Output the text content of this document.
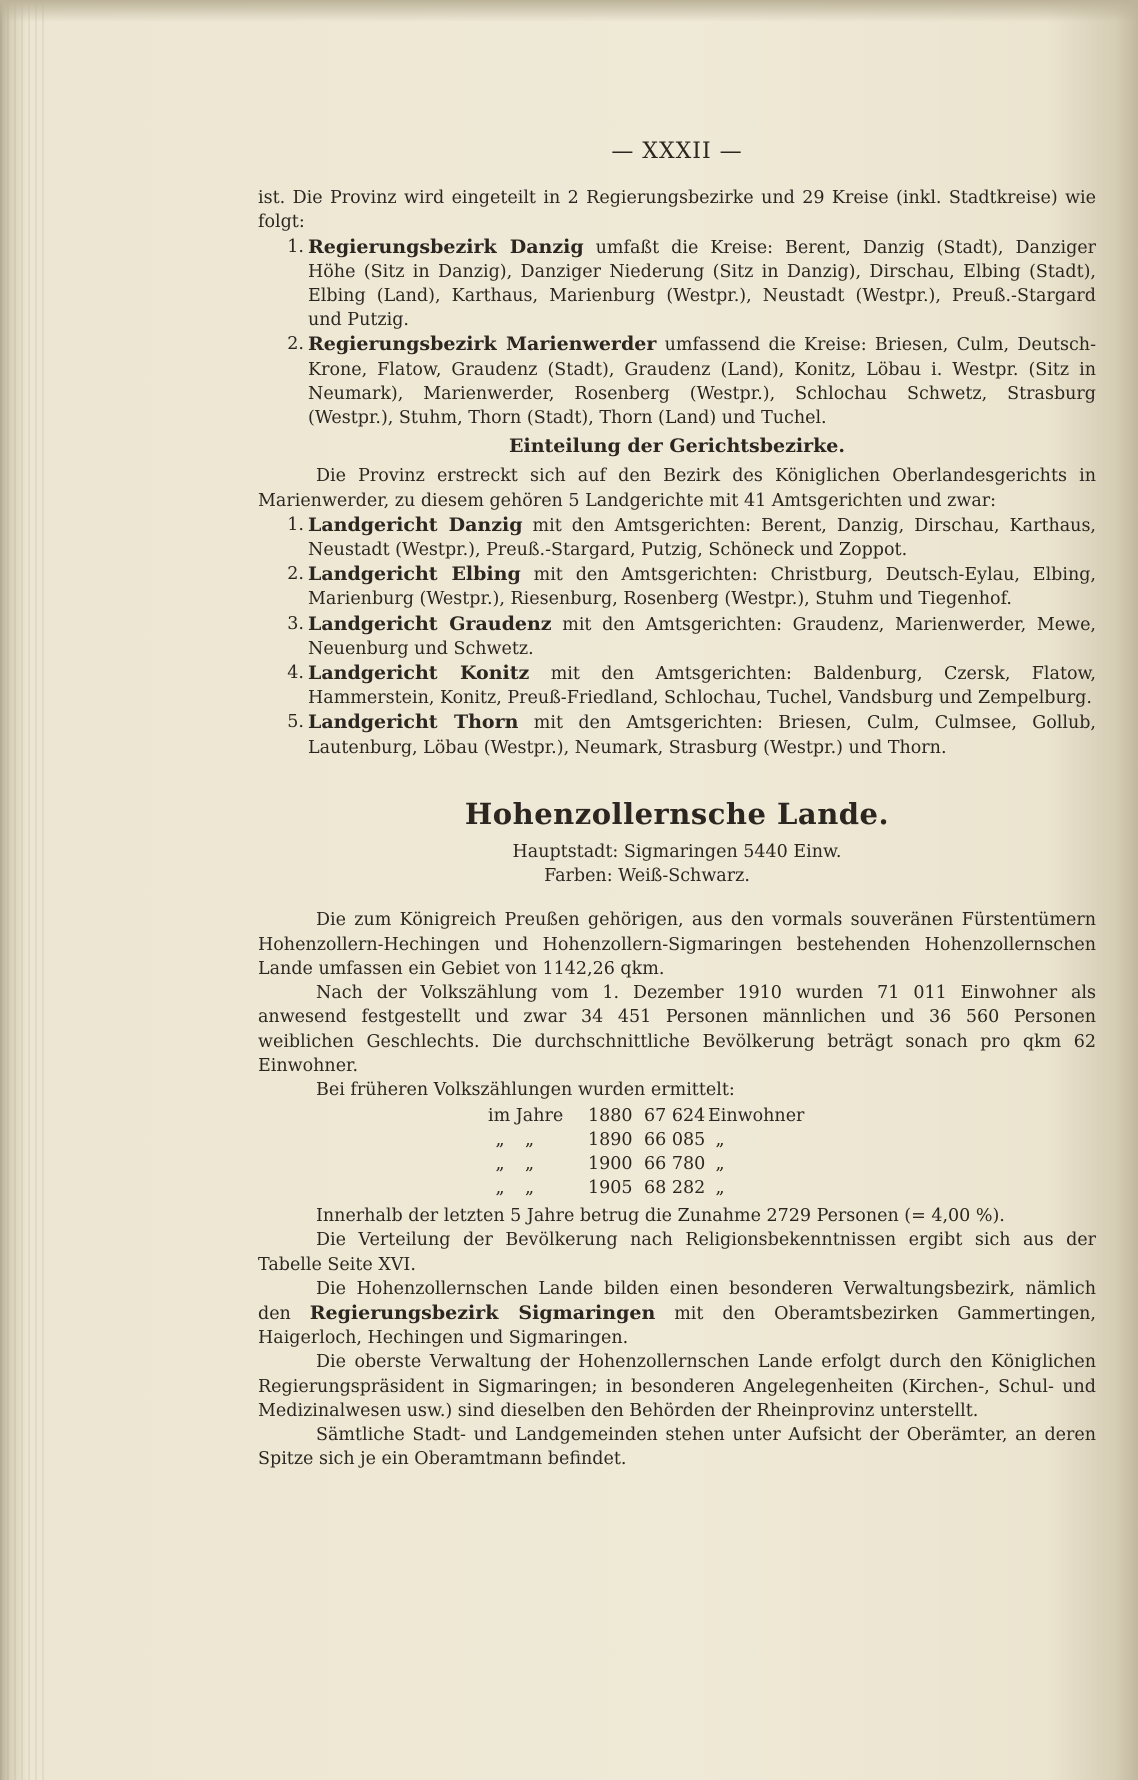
— XXXII —

ist. Die Provinz wird eingeteilt in 2 Regierungsbezirke und 29 Kreise (inkl. Stadtkreise) wie folgt:

1. Regierungsbezirk Danzig umfaßt die Kreise: Berent, Danzig (Stadt), Danziger Höhe (Sitz in Danzig), Danziger Niederung (Sitz in Danzig), Dirschau, Elbing (Stadt), Elbing (Land), Karthaus, Marienburg (Westpr.), Neustadt (Westpr.), Preuß.-Stargard und Putzig.
2. Regierungsbezirk Marienwerder umfassend die Kreise: Briesen, Culm, Deutsch-Krone, Flatow, Graudenz (Stadt), Graudenz (Land), Konitz, Löbau i. Westpr. (Sitz in Neumark), Marienwerder, Rosenberg (Westpr.), Schlochau Schwetz, Strasburg (Westpr.), Stuhm, Thorn (Stadt), Thorn (Land) und Tuchel.
Einteilung der Gerichtsbezirke.

Die Provinz erstreckt sich auf den Bezirk des Königlichen Oberlandesgerichts in Marienwerder, zu diesem gehören 5 Landgerichte mit 41 Amtsgerichten und zwar:

1. Landgericht Danzig mit den Amtsgerichten: Berent, Danzig, Dirschau, Karthaus, Neustadt (Westpr.), Preuß.-Stargard, Putzig, Schöneck und Zoppot.
2. Landgericht Elbing mit den Amtsgerichten: Christburg, Deutsch-Eylau, Elbing, Marienburg (Westpr.), Riesenburg, Rosenberg (Westpr.), Stuhm und Tiegenhof.
3. Landgericht Graudenz mit den Amtsgerichten: Graudenz, Marienwerder, Mewe, Neuenburg und Schwetz.
4. Landgericht Konitz mit den Amtsgerichten: Baldenburg, Czersk, Flatow, Hammerstein, Konitz, Preuß-Friedland, Schlochau, Tuchel, Vandsburg und Zempelburg.
5. Landgericht Thorn mit den Amtsgerichten: Briesen, Culm, Culmsee, Gollub, Lautenburg, Löbau (Westpr.), Neumark, Strasburg (Westpr.) und Thorn.
Hohenzollernsche Lande.
Hauptstadt: Sigmaringen 5440 Einw.
Farben: Weiß-Schwarz.

Die zum Königreich Preußen gehörigen, aus den vormals souveränen Fürstentümern Hohenzollern-Hechingen und Hohenzollern-Sigmaringen bestehenden Hohenzollernschen Lande umfassen ein Gebiet von 1142,26 qkm.

Nach der Volkszählung vom 1. Dezember 1910 wurden 71 011 Einwohner als anwesend festgestellt und zwar 34 451 Personen männlichen und 36 560 Personen weiblichen Geschlechts. Die durchschnittliche Bevölkerung beträgt sonach pro qkm 62 Einwohner.

Bei früheren Volkszählungen wurden ermittelt:

im Jahre	1880 67 624 Einwohner
„ „	1890 66 085 „
„ „	1900 66 780 „
„ „	1905 68 282 „

Innerhalb der letzten 5 Jahre betrug die Zunahme 2729 Personen (= 4,00 %).

Die Verteilung der Bevölkerung nach Religionsbekenntnissen ergibt sich aus der Tabelle Seite XVI.

Die Hohenzollernschen Lande bilden einen besonderen Verwaltungsbezirk, nämlich den Regierungsbezirk Sigmaringen mit den Oberamtsbezirken Gammertingen, Haigerloch, Hechingen und Sigmaringen.

Die oberste Verwaltung der Hohenzollernschen Lande erfolgt durch den Königlichen Regierungspräsident in Sigmaringen; in besonderen Angelegenheiten (Kirchen-, Schul- und Medizinalwesen usw.) sind dieselben den Behörden der Rheinprovinz unterstellt.

Sämtliche Stadt- und Landgemeinden stehen unter Aufsicht der Oberämter, an deren Spitze sich je ein Oberamtmann befindet.
